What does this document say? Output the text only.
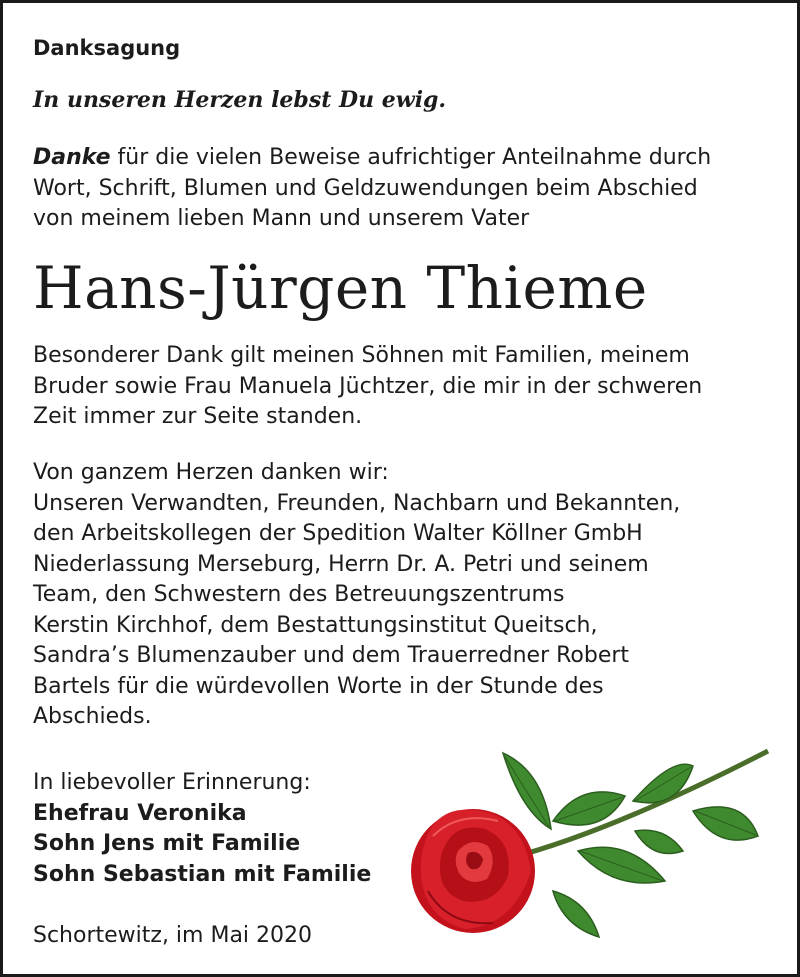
Danksagung

In unseren Herzen lebst Du ewig.

Danke für die vielen Beweise aufrichtiger Anteilnahme durch
Wort, Schrift, Blumen und Geldzuwendungen beim Abschied
von meinem lieben Mann und unserem Vater

Hans-Jürgen Thieme

Besonderer Dank gilt meinen Söhnen mit Familien, meinem
Bruder sowie Frau Manuela Jüchtzer, die mir in der schweren
Zeit immer zur Seite standen.
Von ganzem Herzen danken wir:
Unseren Verwandten, Freunden, Nachbarn und Bekannten,
den Arbeitskollegen der Spedition Walter Köllner GmbH
Niederlassung Merseburg, Herrn Dr. A. Petri und seinem
Team, den Schwestern des Betreuungszentrums
Kerstin Kirchhof, dem Bestattungsinstitut Queitsch,
Sandra’s Blumenzauber und dem Trauerredner Robert
Bartels für die würdevollen Worte in der Stunde des
Abschieds.
In liebevoller Erinnerung:
Ehefrau Veronika
Sohn Jens mit Familie
Sohn Sebastian mit Familie

Schortewitz, im Mai 2020
